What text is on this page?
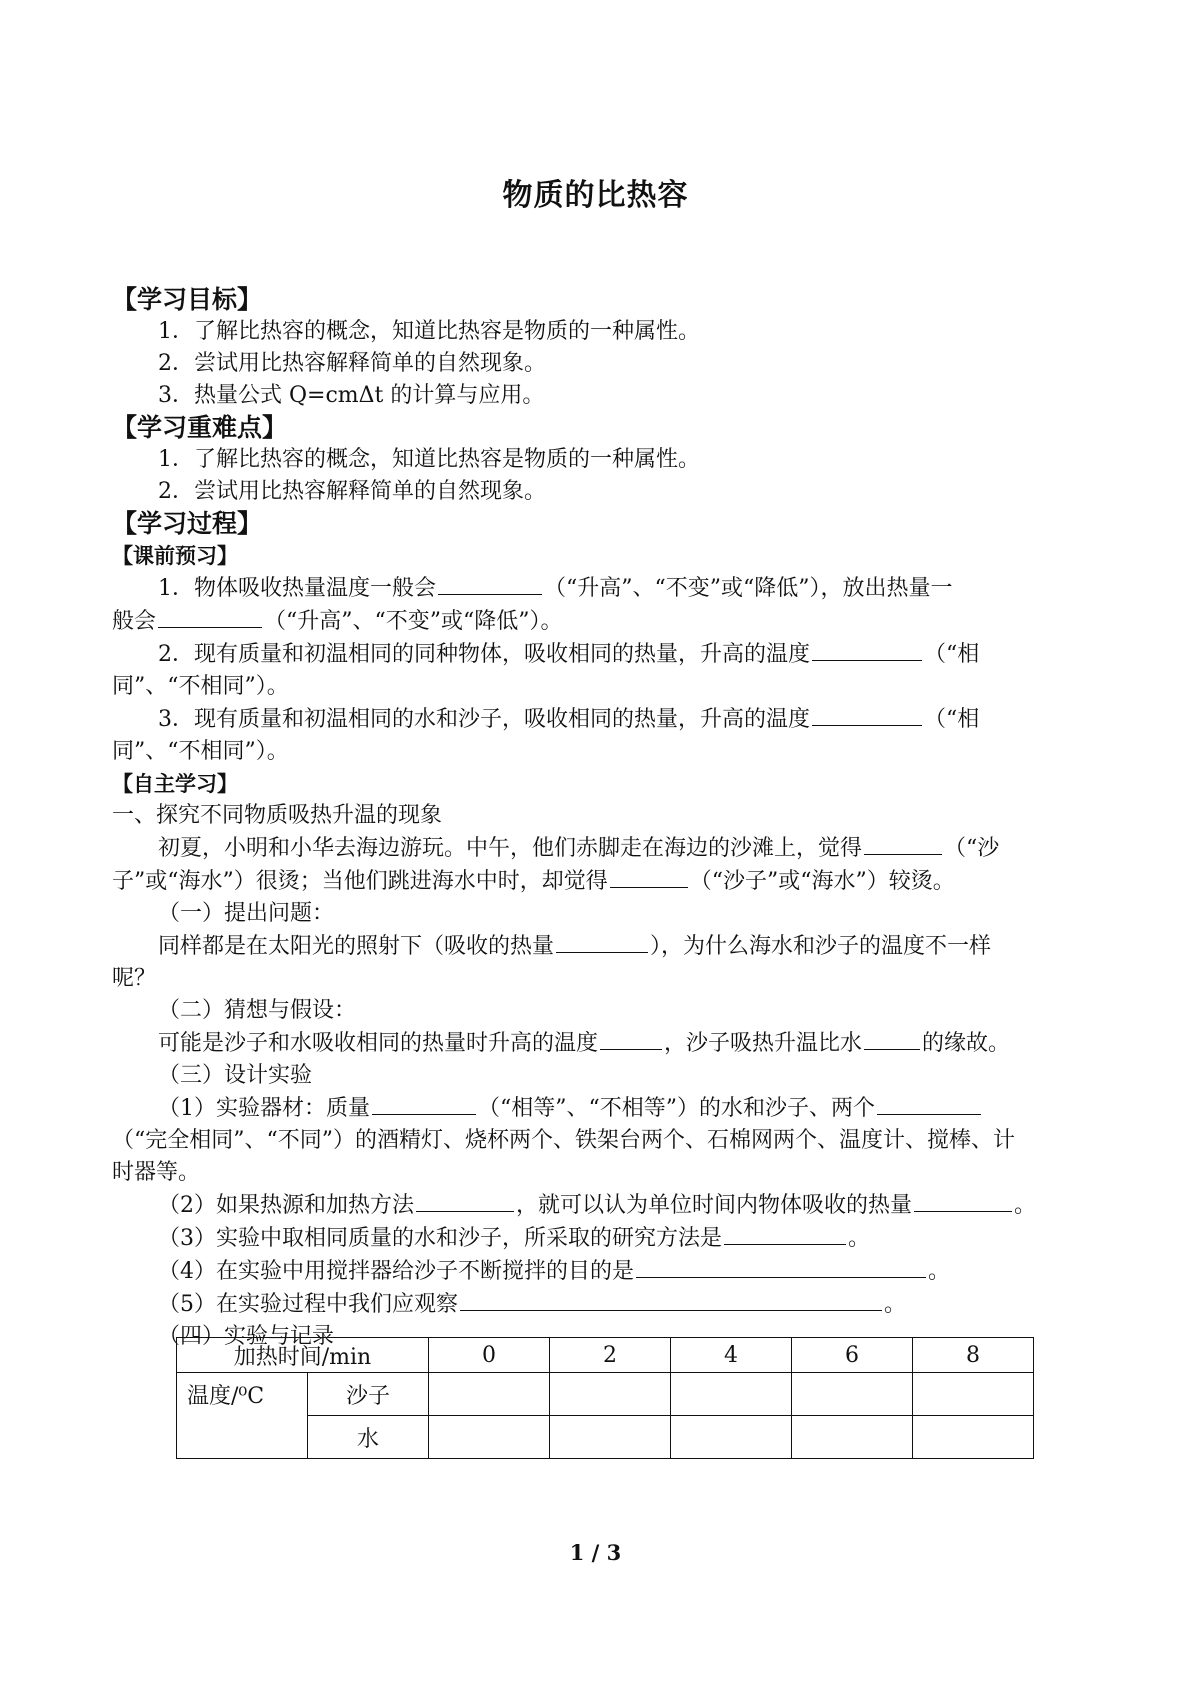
物质的比热容
【学习目标】
1．了解比热容的概念，知道比热容是物质的一种属性。
2．尝试用比热容解释简单的自然现象。
3．热量公式 Q=cmΔt 的计算与应用。
【学习重难点】
1．了解比热容的概念，知道比热容是物质的一种属性。
2．尝试用比热容解释简单的自然现象。
【学习过程】
【课前预习】
1．物体吸收热量温度一般会	（“升高”、“不变”或“降低”），放出热量一
般会	（“升高”、“不变”或“降低”）。
2．现有质量和初温相同的同种物体，吸收相同的热量，升高的温度	（“相
同”、“不相同”）。
3．现有质量和初温相同的水和沙子，吸收相同的热量，升高的温度	（“相
同”、“不相同”）。
【自主学习】
一、探究不同物质吸热升温的现象
初夏，小明和小华去海边游玩。中午，他们赤脚走在海边的沙滩上，觉得	（“沙
子”或“海水”）很烫；当他们跳进海水中时，却觉得	（“沙子”或“海水”）较烫。
（一）提出问题：
同样都是在太阳光的照射下（吸收的热量	），为什么海水和沙子的温度不一样
呢？
（二）猜想与假设：
可能是沙子和水吸收相同的热量时升高的温度	，沙子吸热升温比水	的缘故。
（三）设计实验
（1）实验器材：质量	（“相等”、“不相等”）的水和沙子、两个
（“完全相同”、“不同”）的酒精灯、烧杯两个、铁架台两个、石棉网两个、温度计、搅棒、计
时器等。
（2）如果热源和加热方法	，就可以认为单位时间内物体吸收的热量	。
（3）实验中取相同质量的水和沙子，所采取的研究方法是	。
（4）在实验中用搅拌器给沙子不断搅拌的目的是	。
（5）在实验过程中我们应观察	。
（四）实验与记录
加热时间/min		0	2	4	6	8
温度/⁰C	沙子					
	水					
1 / 3
